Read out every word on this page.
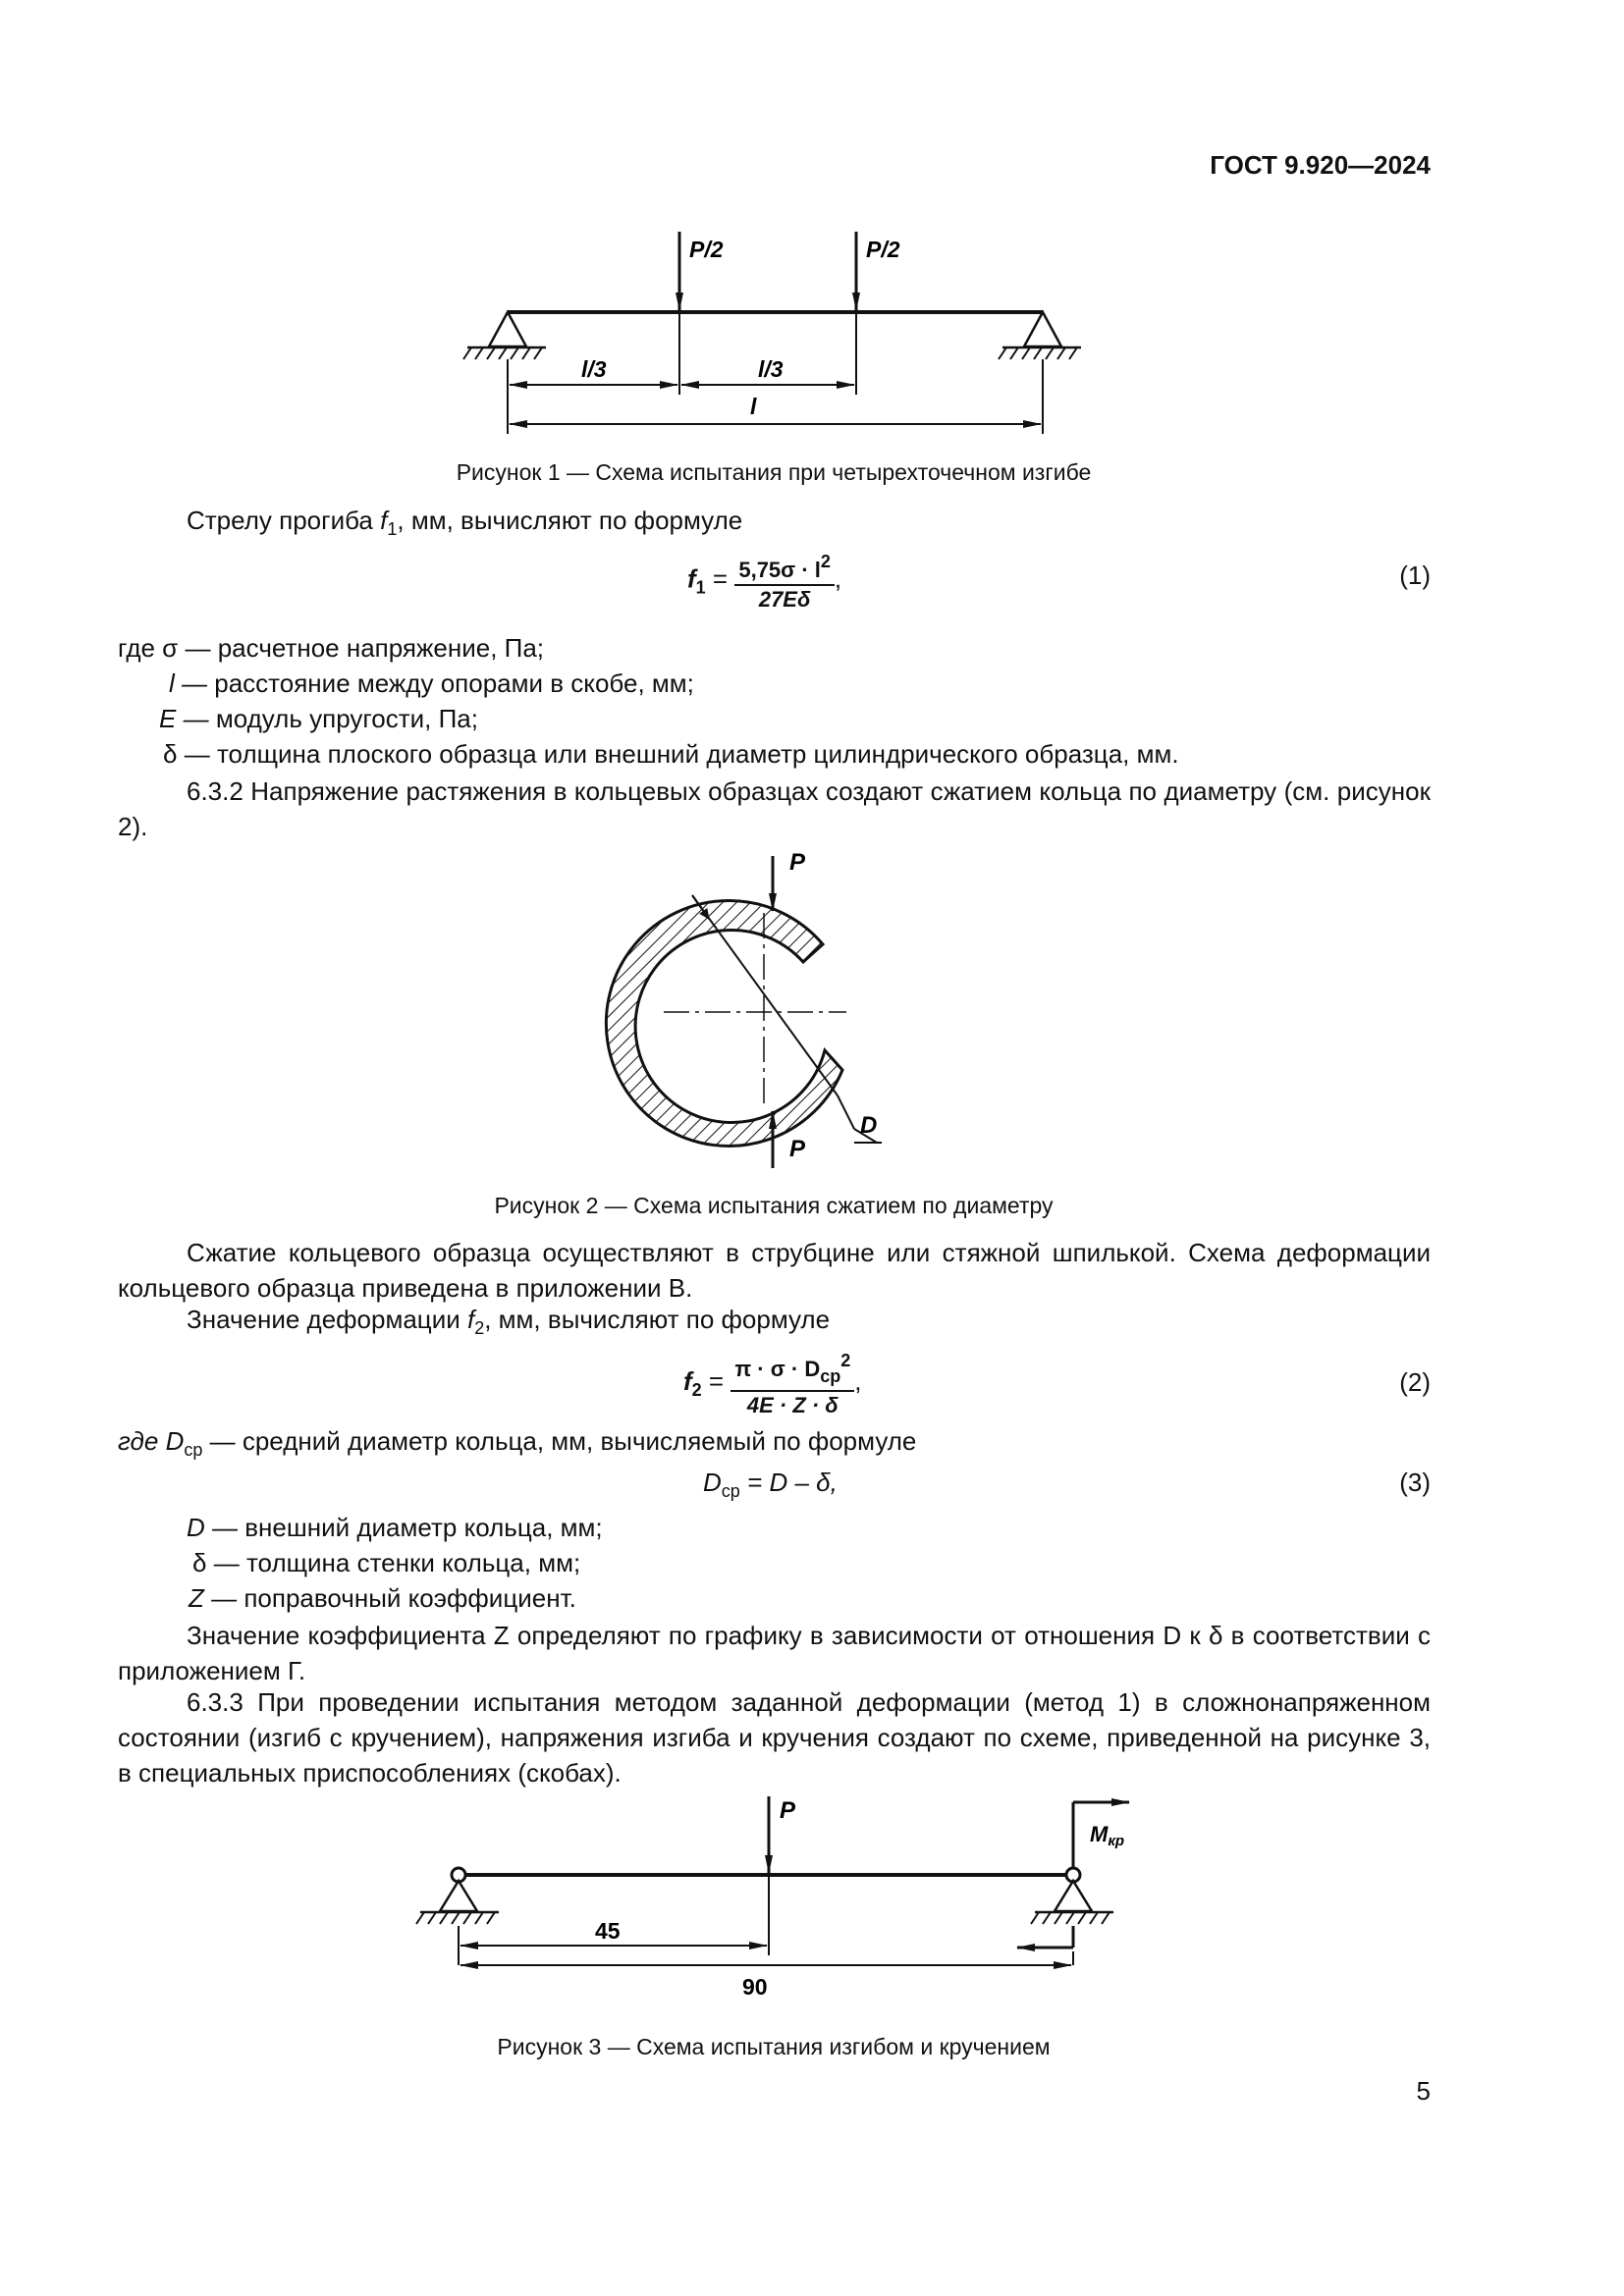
ГОСТ 9.920—2024
P/2	P/2
l/3	l/3
l
Рисунок 1 — Схема испытания при четырехточечном изгибе
Стрелу прогиба $f_1$, мм, вычисляют по формуле
$f_1 = \frac{5,75\sigma \cdot l^2}{27E\delta}$ ,	(1)
где σ — расчетное напряжение, Па;
l — расстояние между опорами в скобе, мм;
E — модуль упругости, Па;
δ — толщина плоского образца или внешний диаметр цилиндрического образца, мм.
6.3.2 Напряжение растяжения в кольцевых образцах создают сжатием кольца по диаметру (см. рисунок 2).
P
P
D
Рисунок 2 — Схема испытания сжатием по диаметру
Сжатие кольцевого образца осуществляют в струбцине или стяжной шпилькой. Схема деформации кольцевого образца приведена в приложении В.
Значение деформации $f_2$, мм, вычисляют по формуле
$f_2 = \frac{\pi \cdot \sigma \cdot D_{ср}^2}{4E \cdot Z \cdot \delta}$ ,	(2)
где $D_{ср}$ — средний диаметр кольца, мм, вычисляемый по формуле
$D_{ср} = D - \delta$,	(3)
D — внешний диаметр кольца, мм;
δ — толщина стенки кольца, мм;
Z — поправочный коэффициент.
Значение коэффициента Z определяют по графику в зависимости от отношения D к δ в соответствии с приложением Г.
6.3.3 При проведении испытания методом заданной деформации (метод 1) в сложнонапряженном состоянии (изгиб с кручением), напряжения изгиба и кручения создают по схеме, приведенной на рисунке 3, в специальных приспособлениях (скобах).
P
Mкр
45
90
Рисунок 3 — Схема испытания изгибом и кручением
5
